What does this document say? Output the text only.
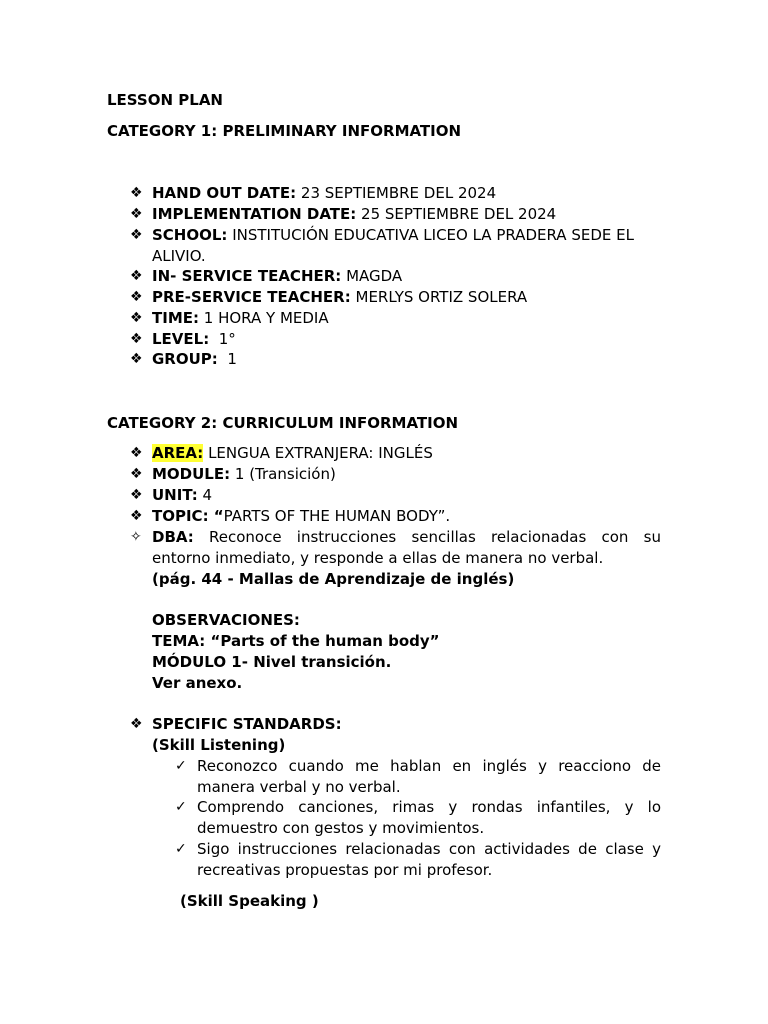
LESSON PLAN
CATEGORY 1: PRELIMINARY INFORMATION
❖ HAND OUT DATE: 23 SEPTIEMBRE DEL 2024
❖ IMPLEMENTATION DATE: 25 SEPTIEMBRE DEL 2024
❖ SCHOOL: INSTITUCIÓN EDUCATIVA LICEO LA PRADERA SEDE EL
ALIVIO.
❖ IN- SERVICE TEACHER: MAGDA
❖ PRE-SERVICE TEACHER: MERLYS ORTIZ SOLERA
❖ TIME: 1 HORA Y MEDIA
❖ LEVEL:  1°
❖ GROUP:  1
CATEGORY 2: CURRICULUM INFORMATION
❖ AREA: LENGUA EXTRANJERA: INGLÉS
❖ MODULE: 1 (Transición)
❖ UNIT: 4
❖ TOPIC: “PARTS OF THE HUMAN BODY”.
✧ DBA: Reconoce instrucciones sencillas relacionadas con su
entorno inmediato, y responde a ellas de manera no verbal.
(pág. 44 - Mallas de Aprendizaje de inglés)
OBSERVACIONES:
TEMA: “Parts of the human body”
MÓDULO 1- Nivel transición.
Ver anexo.
❖ SPECIFIC STANDARDS:
(Skill Listening)
✓ Reconozco cuando me hablan en inglés y reacciono de
manera verbal y no verbal.
✓ Comprendo canciones, rimas y rondas infantiles, y lo
demuestro con gestos y movimientos.
✓ Sigo instrucciones relacionadas con actividades de clase y
recreativas propuestas por mi profesor.
(Skill Speaking )
